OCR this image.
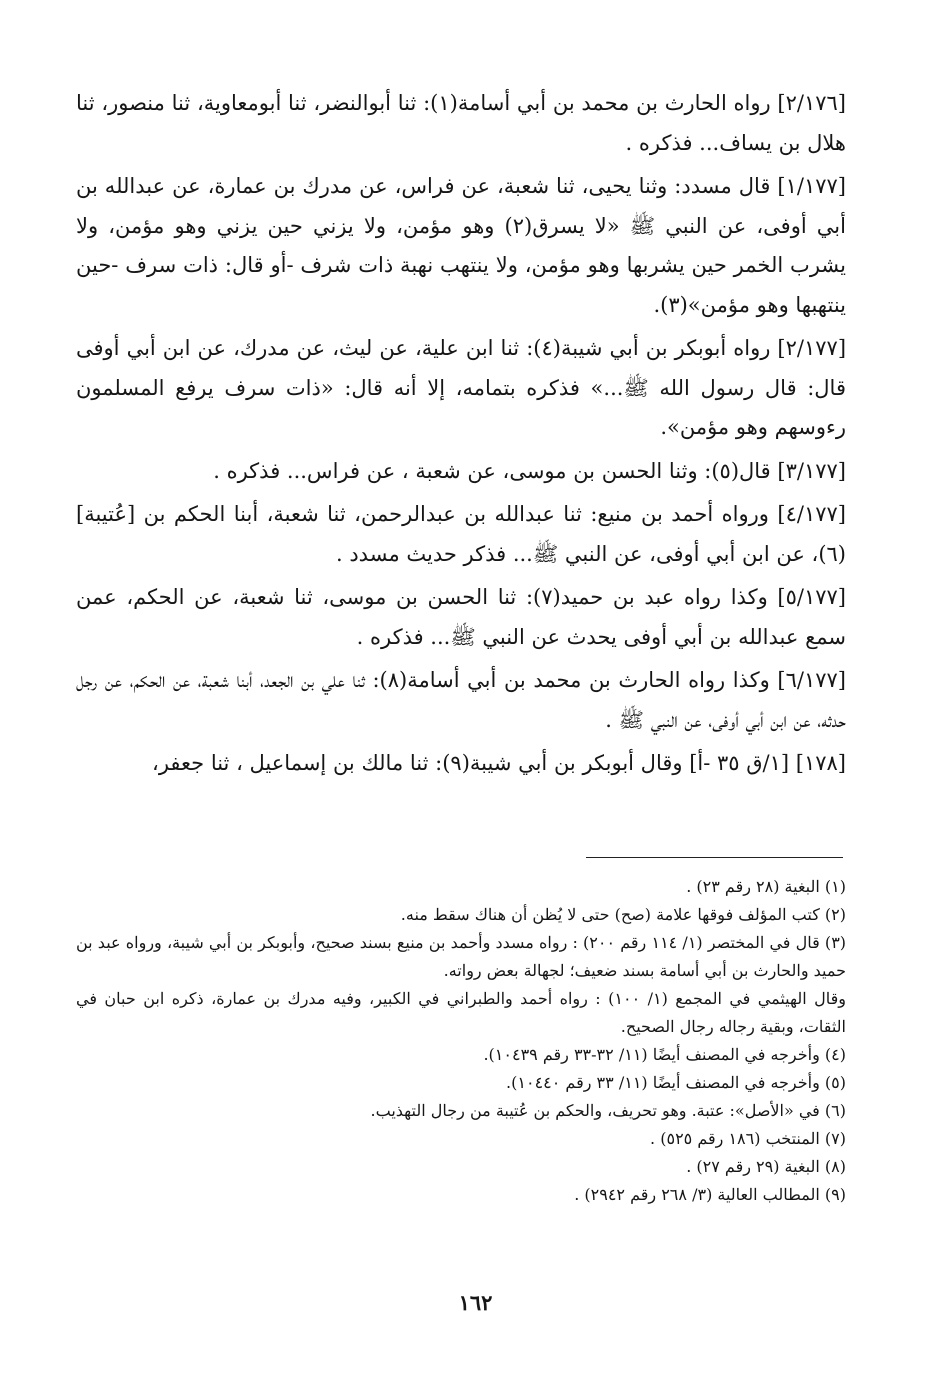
[٢/١٧٦] رواه الحارث بن محمد بن أبي أسامة(١): ثنا أبوالنضر، ثنا أبومعاوية، ثنا منصور، ثنا هلال بن يساف... فذكره .

[١/١٧٧] قال مسدد: وثنا يحيى، ثنا شعبة، عن فراس، عن مدرك بن عمارة، عن عبدالله بن أبي أوفى، عن النبي ﷺ «لا يسرق(٢) وهو مؤمن، ولا يزني حين يزني وهو مؤمن، ولا يشرب الخمر حين يشربها وهو مؤمن، ولا ينتهب نهبة ذات شرف -أو قال: ذات سرف -حين ينتهبها وهو مؤمن»(٣).

[٢/١٧٧] رواه أبوبكر بن أبي شيبة(٤): ثنا ابن علية، عن ليث، عن مدرك، عن ابن أبي أوفى قال: قال رسول الله ﷺ...» فذكره بتمامه، إلا أنه قال: «ذات سرف يرفع المسلمون رءوسهم وهو مؤمن».

[٣/١٧٧] قال(٥): وثنا الحسن بن موسى، عن شعبة ، عن فراس... فذكره .

[٤/١٧٧] ورواه أحمد بن منيع: ثنا عبدالله بن عبدالرحمن، ثنا شعبة، أبنا الحكم بن [عُتيبة](٦)، عن ابن أبي أوفى، عن النبي ﷺ... فذكر حديث مسدد .

[٥/١٧٧] وكذا رواه عبد بن حميد(٧): ثنا الحسن بن موسى، ثنا شعبة، عن الحكم، عمن سمع عبدالله بن أبي أوفى يحدث عن النبي ﷺ... فذكره .

[٦/١٧٧] وكذا رواه الحارث بن محمد بن أبي أسامة(٨): ثنا علي بن الجعد، أبنا شعبة، عن الحكم، عن رجل حدثه، عن ابن أبي أوفى، عن النبي ﷺ .

[١٧٨] [١/ق ٣٥ -أ] وقال أبوبكر بن أبي شيبة(٩): ثنا مالك بن إسماعيل ، ثنا جعفر،

(١) البغية (٢٨ رقم ٢٣) .

(٢) كتب المؤلف فوقها علامة (صح) حتى لا يُظن أن هناك سقط منه.

(٣) قال في المختصر (١/ ١١٤ رقم ٢٠٠) : رواه مسدد وأحمد بن منيع بسند صحيح، وأبوبكر بن أبي شيبة، ورواه عبد بن حميد والحارث بن أبي أسامة بسند ضعيف؛ لجهالة بعض رواته.

وقال الهيثمي في المجمع (١/ ١٠٠) : رواه أحمد والطبراني في الكبير، وفيه مدرك بن عمارة، ذكره ابن حبان في الثقات، وبقية رجاله رجال الصحيح.

(٤) وأخرجه في المصنف أيضًا (١١/ ٣٢-٣٣ رقم ١٠٤٣٩).

(٥) وأخرجه في المصنف أيضًا (١١/ ٣٣ رقم ١٠٤٤٠).

(٦) في «الأصل»: عتبة. وهو تحريف، والحكم بن عُتيبة من رجال التهذيب.

(٧) المنتخب (١٨٦ رقم ٥٢٥) .

(٨) البغية (٢٩ رقم ٢٧) .

(٩) المطالب العالية (٣/ ٢٦٨ رقم ٢٩٤٢) .

١٦٢
